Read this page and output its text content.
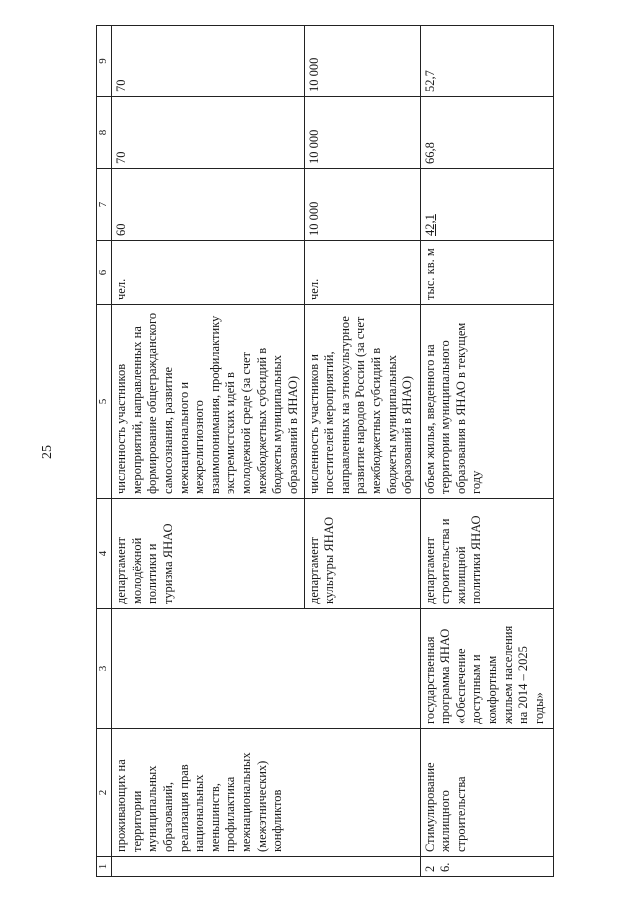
25
1	2	3	4	5	6	7	8	9
	проживающих на территории муниципальных образований, реализация прав национальных меньшинств, профилактика межнациональных (межэтнических) конфликтов		департамент молодёжной политики и туризма ЯНАО	численность участников мероприятий, направленных на формирование общегражданского самосознания, развитие межнационального и межрелигиозного взаимопонимания, профилактику экстремистских идей в молодежной среде (за счет межбюджетных субсидий в бюджеты муниципальных образований в ЯНАО)	чел.	60	70	70
			департамент культуры ЯНАО	численность участников и посетителей мероприятий, направленных на этнокультурное развитие народов России (за счет межбюджетных субсидий в бюджеты муниципальных образований в ЯНАО)	чел.	10 000	10 000	10 000
26.	Стимулирование жилищного строительства	государственная программа ЯНАО «Обеспечение доступным и комфортным жильем населения на 2014 – 2025 годы»	департамент строительства и жилищной политики ЯНАО	объем жилья, введенного на территории муниципального образования в ЯНАО в текущем году	тыс. кв. м	42,1	66,8	52,7
